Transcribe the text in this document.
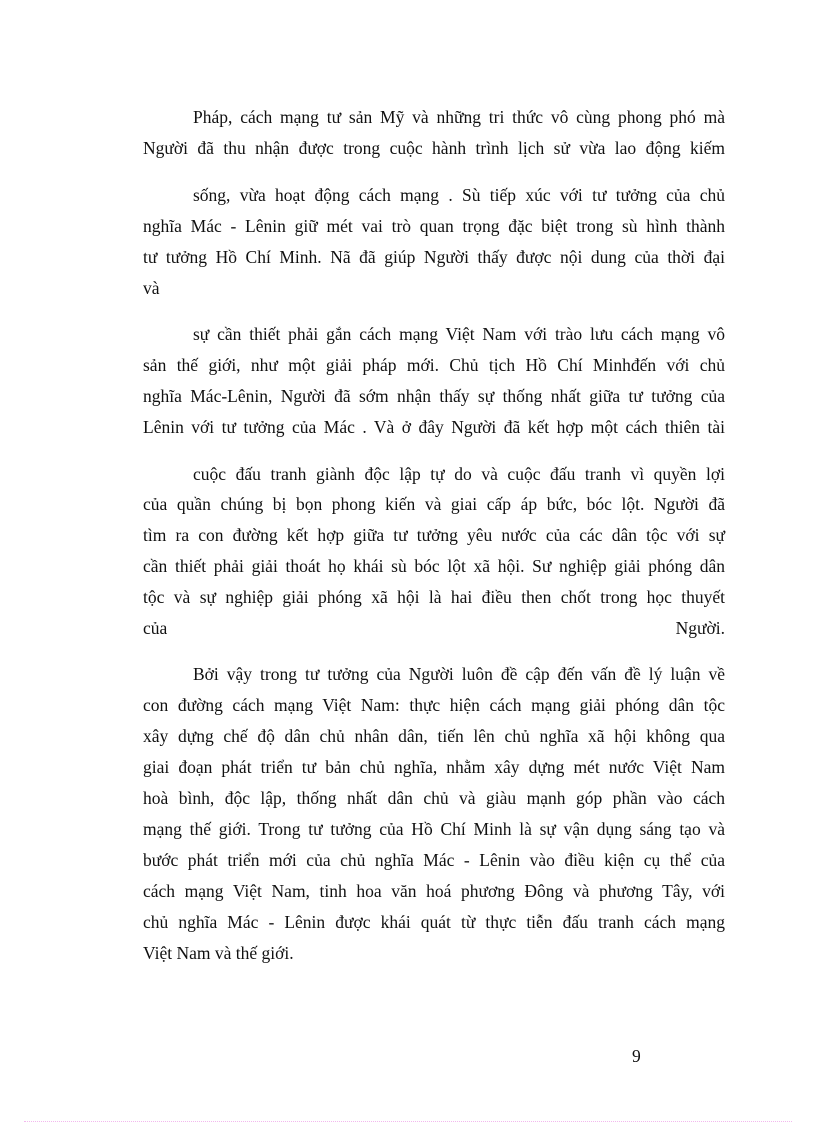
Pháp, cách mạng tư sản Mỹ và những tri thức vô cùng phong phó mà
Người đã thu nhận được trong cuộc hành trình lịch sử vừa lao động kiếm
sống, vừa hoạt động cách mạng . Sù tiếp xúc với tư tưởng của chủ
nghĩa Mác - Lênin giữ mét vai trò quan trọng đặc biệt trong sù hình thành
tư tưởng Hồ Chí Minh. Nã đã giúp Người thấy được nội dung của thời đại
và
sự cần thiết phải gắn cách mạng Việt Nam với trào lưu cách mạng vô
sản thế giới, như một giải pháp mới. Chủ tịch Hồ Chí Minhđến với chủ
nghĩa Mác-Lênin, Người đã sớm nhận thấy sự thống nhất giữa tư tưởng của
Lênin với tư tưởng của Mác . Và ở đây Người đã kết hợp một cách thiên tài
cuộc đấu tranh giành độc lập tự do và cuộc đấu tranh vì quyền lợi
của quần chúng bị bọn phong kiến và giai cấp áp bức, bóc lột. Người đã
tìm ra con đường kết hợp giữa tư tưởng yêu nước của các dân tộc với sự
cần thiết phải giải thoát họ khái sù bóc lột xã hội. Sư nghiệp giải phóng dân
tộc và sự nghiệp giải phóng xã hội là hai điều then chốt trong học thuyết
của	Người.
Bởi vậy trong tư tưởng của Người luôn đề cập đến vấn đề lý luận về
con đường cách mạng Việt Nam: thực hiện cách mạng giải phóng dân tộc
xây dựng chế độ dân chủ nhân dân, tiến lên chủ nghĩa xã hội không qua
giai đoạn phát triển tư bản chủ nghĩa, nhằm xây dựng mét nước Việt Nam
hoà bình, độc lập, thống nhất dân chủ và giàu mạnh góp phần vào cách
mạng thế giới. Trong tư tưởng của Hồ Chí Minh là sự vận dụng sáng tạo và
bước phát triển mới của chủ nghĩa Mác - Lênin vào điều kiện cụ thể của
cách mạng Việt Nam, tinh hoa văn hoá phương Đông và phương Tây, với
chủ nghĩa Mác - Lênin được khái quát từ thực tiễn đấu tranh cách mạng
Việt Nam và thế giới.
9
